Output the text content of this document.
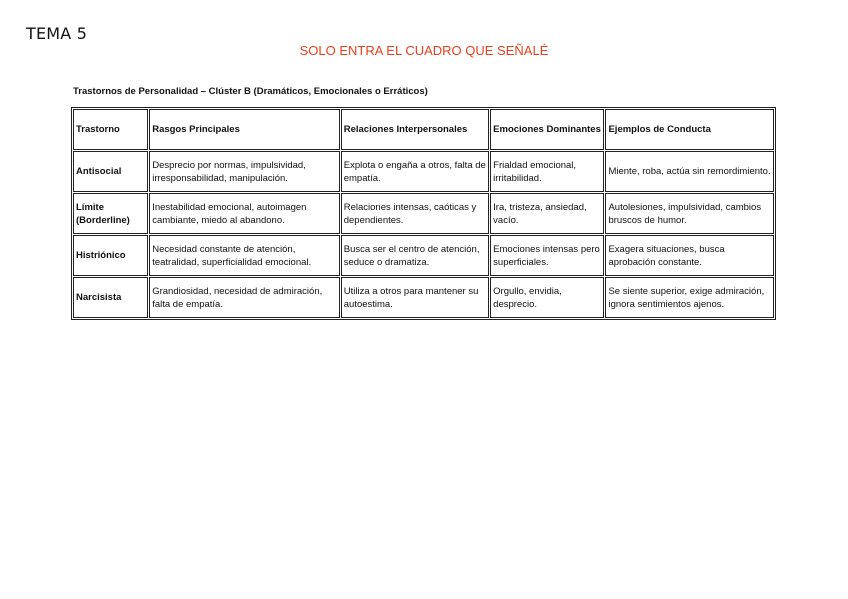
TEMA 5
SOLO ENTRA EL CUADRO QUE SEÑALÉ
Trastornos de Personalidad – Clúster B (Dramáticos, Emocionales o Erráticos)
Trastorno	Rasgos Principales	Relaciones Interpersonales	Emociones Dominantes	Ejemplos de Conducta
Antisocial	Desprecio por normas, impulsividad, irresponsabilidad, manipulación.	Explota o engaña a otros, falta de empatía.	Frialdad emocional, irritabilidad.	Miente, roba, actúa sin remordimiento.
Límite (Borderline)	Inestabilidad emocional, autoimagen cambiante, miedo al abandono.	Relaciones intensas, caóticas y dependientes.	Ira, tristeza, ansiedad, vacío.	Autolesiones, impulsividad, cambios bruscos de humor.
Histriónico	Necesidad constante de atención, teatralidad, superficialidad emocional.	Busca ser el centro de atención, seduce o dramatiza.	Emociones intensas pero superficiales.	Exagera situaciones, busca aprobación constante.
Narcisista	Grandiosidad, necesidad de admiración, falta de empatía.	Utiliza a otros para mantener su autoestima.	Orgullo, envidia, desprecio.	Se siente superior, exige admiración, ignora sentimientos ajenos.
